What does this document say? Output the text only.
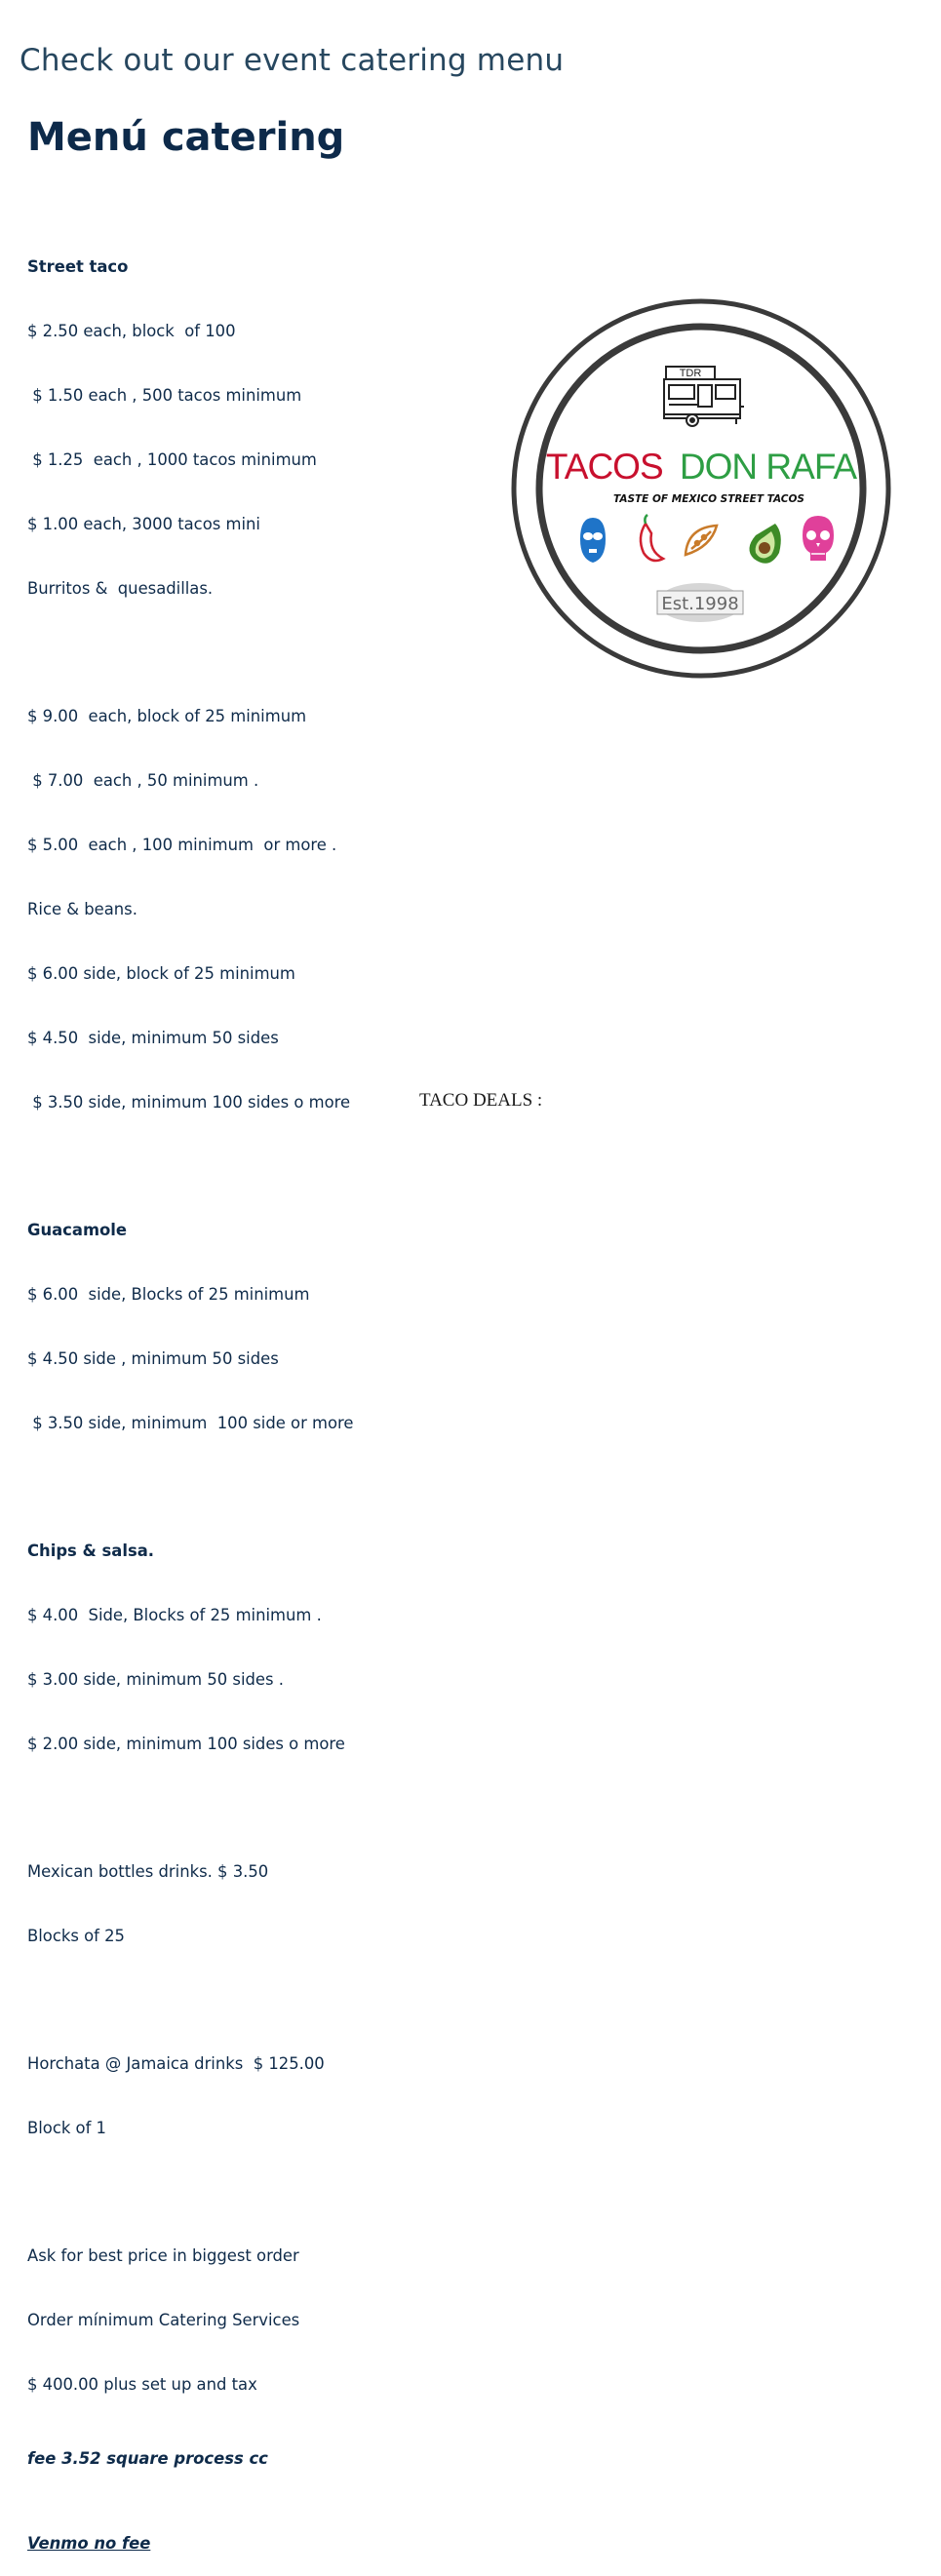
Check out our event catering menu
Menú catering

Street taco

$ 2.50 each, block  of 100

$ 1.50 each , 500 tacos minimum

$ 1.25  each , 1000 tacos minimum

$ 1.00 each, 3000 tacos mini

Burritos &  quesadillas.

$ 9.00  each, block of 25 minimum

$ 7.00  each , 50 minimum .

$ 5.00  each , 100 minimum  or more .

Rice & beans.

$ 6.00 side, block of 25 minimum

$ 4.50  side, minimum 50 sides

$ 3.50 side, minimum 100 sides o more

Guacamole

$ 6.00  side, Blocks of 25 minimum

$ 4.50 side , minimum 50 sides

$ 3.50 side, minimum  100 side or more

Chips & salsa.

$ 4.00  Side, Blocks of 25 minimum .

$ 3.00 side, minimum 50 sides .

$ 2.00 side, minimum 100 sides o more

Mexican bottles drinks. $ 3.50

Blocks of 25

Horchata @ Jamaica drinks  $ 125.00

Block of 1

Ask for best price in biggest order

Order mínimum Catering Services

$ 400.00 plus set up and tax

fee 3.52 square process cc

Venmo no fee

TDR
TACOS DON RAFA
TASTE OF MEXICO STREET TACOS
Est.1998
TACO DEALS :
